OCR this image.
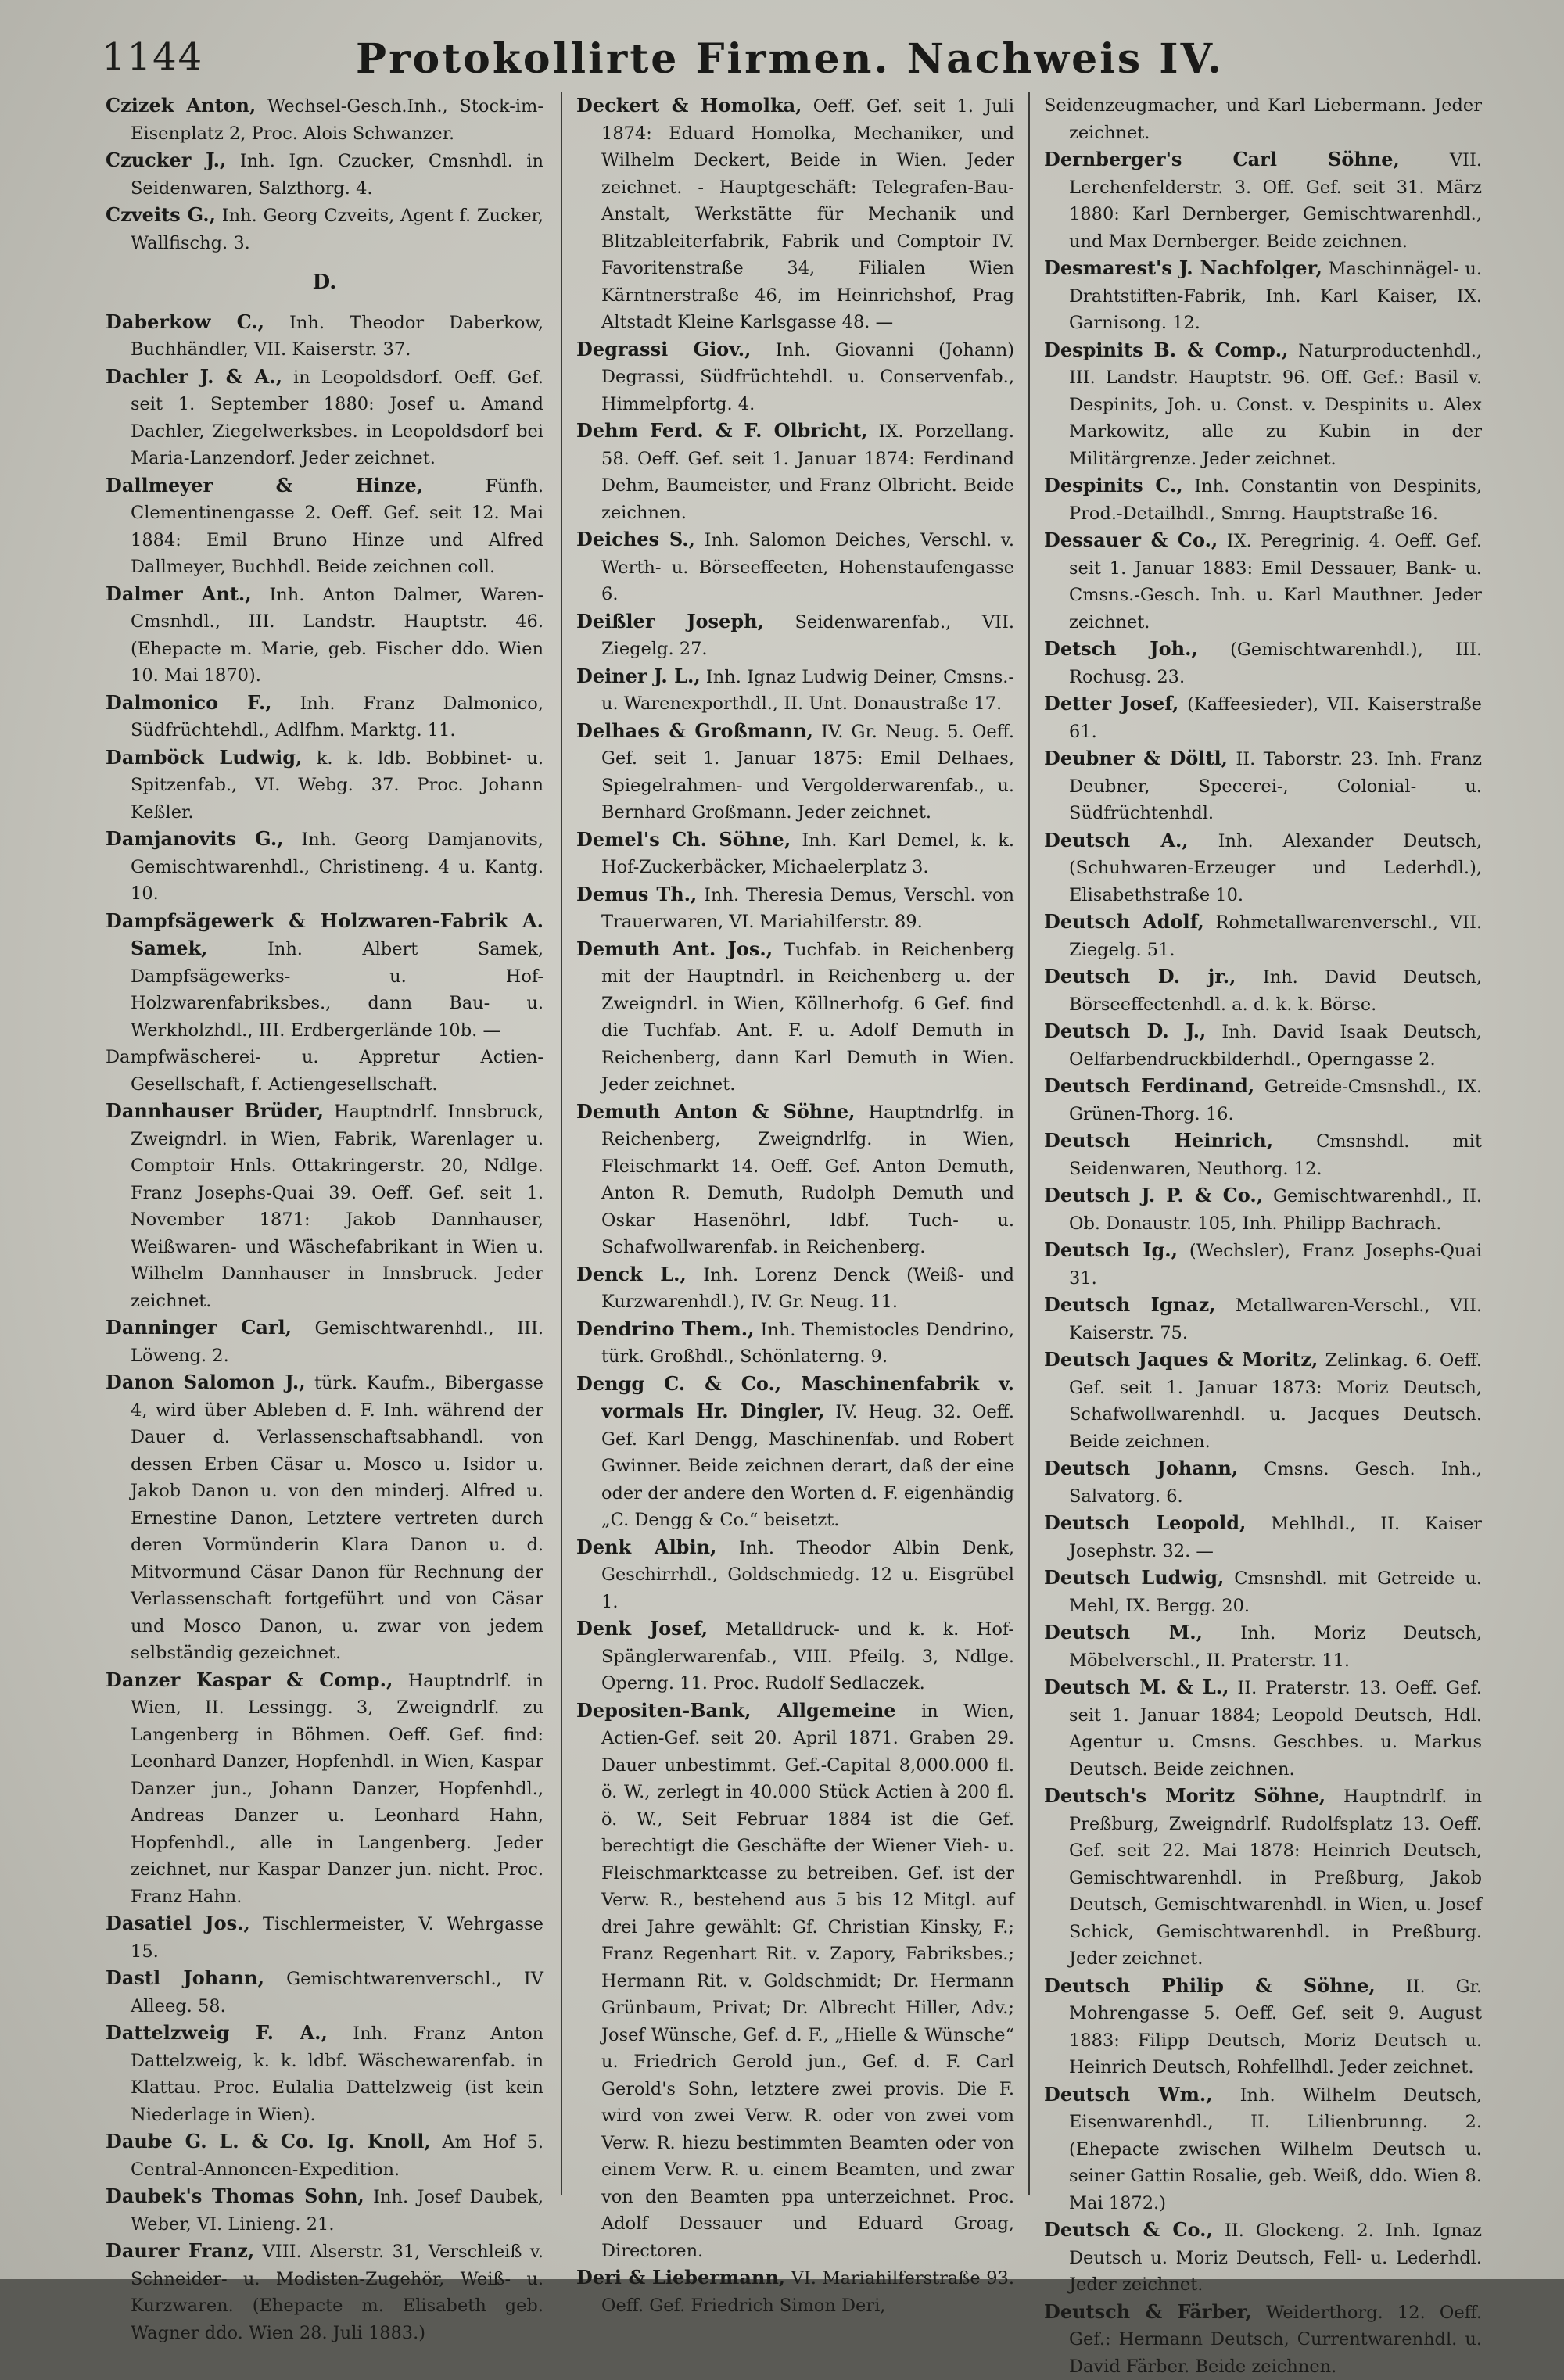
1144	Protokollirte Firmen. Nachweis IV.

Czizek Anton, Wechsel-Gesch.Inh., Stock-im-Eisenplatz 2, Proc. Alois Schwanzer.

Czucker J., Inh. Ign. Czucker, Cmsnhdl. in Seidenwaren, Salzthorg. 4.

Czveits G., Inh. Georg Czveits, Agent f. Zucker, Wallfischg. 3.

D.

Daberkow C., Inh. Theodor Daberkow, Buchhändler, VII. Kaiserstr. 37.

Dachler J. & A., in Leopoldsdorf. Oeff. Gef. seit 1. September 1880: Josef u. Amand Dachler, Ziegelwerksbes. in Leopoldsdorf bei Maria-Lanzendorf. Jeder zeichnet.

Dallmeyer & Hinze,	Fünfh. Clementinengasse 2. Oeff. Gef. seit 12. Mai 1884: Emil Bruno Hinze und Alfred Dallmeyer, Buchhdl. Beide zeichnen coll.

Dalmer Ant., Inh. Anton Dalmer, Waren-Cmsnhdl., III. Landstr. Hauptstr. 46. (Ehepacte m. Marie, geb. Fischer ddo. Wien 10. Mai 1870).

Dalmonico F., Inh. Franz Dalmonico, Südfrüchtehdl., Adlfhm. Marktg. 11.

Damböck Ludwig, k. k. ldb. Bobbinet- u. Spitzenfab., VI. Webg. 37. Proc. Johann Keßler.

Damjanovits G., Inh. Georg Damjanovits, Gemischtwarenhdl., Christineng. 4 u. Kantg. 10.

Dampfsägewerk & Holzwaren-Fabrik A. Samek,	Inh. Albert Samek, Dampfsägewerks- u. Hof-Holzwarenfabriksbes., dann Bau- u. Werkholzhdl., III. Erdbergerlände 10b. —

Dampfwäscherei- u. Appretur Actien-Gesellschaft, f. Actiengesellschaft.

Dannhauser Brüder, Hauptndrlf. Innsbruck, Zweigndrl. in Wien, Fabrik, Warenlager u. Comptoir Hnls. Ottakringerstr. 20, Ndlge. Franz Josephs-Quai 39. Oeff. Gef. seit 1. November 1871: Jakob Dannhauser, Weißwaren- und Wäschefabrikant in Wien u. Wilhelm Dannhauser in Innsbruck. Jeder zeichnet.

Danninger Carl, Gemischtwarenhdl., III. Löweng. 2.

Danon Salomon J., türk. Kaufm., Bibergasse 4, wird über Ableben d. F. Inh. während der Dauer d. Verlassenschaftsabhandl. von dessen Erben Cäsar u. Mosco u. Isidor u. Jakob Danon u. von den minderj. Alfred u. Ernestine Danon, Letztere vertreten durch deren Vormünderin Klara Danon u. d. Mitvormund Cäsar Danon für Rechnung der Verlassenschaft fortgeführt und von Cäsar und Mosco Danon, u. zwar von jedem selbständig gezeichnet.

Danzer Kaspar & Comp., Hauptndrlf. in Wien, II. Lessingg. 3, Zweigndrlf. zu Langenberg in Böhmen. Oeff. Gef. find: Leonhard Danzer, Hopfenhdl. in Wien, Kaspar Danzer jun., Johann Danzer, Hopfenhdl., Andreas Danzer u. Leonhard Hahn, Hopfenhdl., alle in Langenberg. Jeder zeichnet, nur Kaspar Danzer jun. nicht. Proc. Franz Hahn.

Dasatiel Jos., Tischlermeister, V. Wehrgasse 15.

Dastl Johann, Gemischtwarenverschl., IV Alleeg. 58.

Dattelzweig F. A., Inh. Franz Anton Dattelzweig, k. k. ldbf. Wäschewarenfab. in Klattau. Proc. Eulalia Dattelzweig (ist kein Niederlage in Wien).

Daube G. L. & Co. Ig. Knoll, Am Hof 5. Central-Annoncen-Expedition.

Daubek's Thomas Sohn, Inh. Josef Daubek, Weber, VI. Linieng. 21.

Daurer Franz, VIII. Alserstr. 31, Verschleiß v. Schneider- u. Modisten-Zugehör, Weiß- u. Kurzwaren. (Ehepacte m. Elisabeth geb. Wagner ddo. Wien 28. Juli 1883.)

Deckert & Homolka, Oeff. Gef. seit 1. Juli 1874: Eduard Homolka, Mechaniker, und Wilhelm Deckert, Beide in Wien. Jeder zeichnet. - Hauptgeschäft: Telegrafen-Bau-Anstalt, Werkstätte für Mechanik und Blitzableiterfabrik, Fabrik und Comptoir IV. Favoritenstraße 34, Filialen Wien Kärntnerstraße 46, im Heinrichshof, Prag Altstadt Kleine Karlsgasse 48. —

Degrassi Giov., Inh. Giovanni (Johann) Degrassi, Südfrüchtehdl. u. Conservenfab., Himmelpfortg. 4.

Dehm Ferd. & F. Olbricht, IX. Porzellang. 58. Oeff. Gef. seit 1. Januar 1874: Ferdinand Dehm, Baumeister, und Franz Olbricht. Beide zeichnen.

Deiches S., Inh. Salomon Deiches, Verschl. v. Werth- u. Börseeffeeten, Hohenstaufengasse 6.

Deißler Joseph, Seidenwarenfab., VII. Ziegelg. 27.

Deiner J. L., Inh. Ignaz Ludwig Deiner, Cmsns.- u. Warenexporthdl., II. Unt. Donaustraße 17.

Delhaes & Großmann, IV. Gr. Neug. 5. Oeff. Gef. seit 1. Januar 1875: Emil Delhaes, Spiegelrahmen- und Vergolderwarenfab., u. Bernhard Großmann. Jeder zeichnet.

Demel's Ch. Söhne, Inh. Karl Demel, k. k. Hof-Zuckerbäcker, Michaelerplatz 3.

Demus Th., Inh. Theresia Demus, Verschl. von Trauerwaren, VI. Mariahilferstr. 89.

Demuth Ant. Jos., Tuchfab. in Reichenberg mit der Hauptndrl. in Reichenberg u. der Zweigndrl. in Wien, Köllnerhofg. 6 Gef. find die Tuchfab. Ant. F. u. Adolf Demuth in Reichenberg, dann Karl Demuth in Wien. Jeder zeichnet.

Demuth Anton & Söhne, Hauptndrlfg. in Reichenberg, Zweigndrlfg. in Wien, Fleischmarkt 14. Oeff. Gef. Anton Demuth, Anton R. Demuth, Rudolph Demuth und Oskar Hasenöhrl, ldbf. Tuch- u. Schafwollwarenfab. in Reichenberg.

Denck L., Inh. Lorenz Denck (Weiß- und Kurzwarenhdl.), IV. Gr. Neug. 11.

Dendrino Them., Inh. Themistocles Dendrino, türk. Großhdl., Schönlaterng. 9.

Dengg C. & Co., Maschinenfabrik v. vormals Hr. Dingler, IV. Heug. 32. Oeff. Gef. Karl Dengg, Maschinenfab. und Robert Gwinner. Beide zeichnen derart, daß der eine oder der andere den Worten d. F. eigenhändig „C. Dengg & Co.“ beisetzt.

Denk Albin, Inh. Theodor Albin Denk, Geschirrhdl., Goldschmiedg. 12 u. Eisgrübel 1.

Denk Josef, Metalldruck- und k. k. Hof-Spänglerwarenfab., VIII. Pfeilg. 3, Ndlge. Operng. 11. Proc. Rudolf Sedlaczek.

Depositen-Bank, Allgemeine in Wien, Actien-Gef. seit 20. April 1871. Graben 29. Dauer unbestimmt. Gef.-Capital 8,000.000 fl. ö. W., zerlegt in 40.000 Stück Actien à 200 fl. ö. W., Seit Februar 1884 ist die Gef. berechtigt die Geschäfte der Wiener Vieh- u. Fleischmarktcasse zu betreiben. Gef. ist der Verw. R., bestehend aus 5 bis 12 Mitgl. auf drei Jahre gewählt: Gf. Christian Kinsky, F.; Franz Regenhart Rit. v. Zapory, Fabriksbes.; Hermann Rit. v. Goldschmidt; Dr. Hermann Grünbaum, Privat; Dr. Albrecht Hiller, Adv.; Josef Wünsche, Gef. d. F., „Hielle & Wünsche“ u. Friedrich Gerold jun., Gef. d. F. Carl Gerold's Sohn, letztere zwei provis. Die F. wird von zwei Verw. R. oder von zwei vom Verw. R. hiezu bestimmten Beamten oder von einem Verw. R. u. einem Beamten, und zwar von den Beamten ppa unterzeichnet. Proc. Adolf Dessauer und Eduard Groag, Directoren.

Deri & Liebermann, VI. Mariahilferstraße 93. Oeff. Gef. Friedrich Simon Deri,

Seidenzeugmacher, und Karl Liebermann. Jeder zeichnet.

Dernberger's Carl Söhne,	VII. Lerchenfelderstr. 3. Off. Gef. seit 31. März 1880: Karl Dernberger, Gemischtwarenhdl., und Max Dernberger. Beide zeichnen.

Desmarest's J. Nachfolger, Maschinnägel- u. Drahtstiften-Fabrik, Inh. Karl Kaiser, IX. Garnisong. 12.

Despinits B. & Comp., Naturproductenhdl., III. Landstr. Hauptstr. 96. Off. Gef.: Basil v. Despinits, Joh. u. Const. v. Despinits u. Alex Markowitz, alle zu Kubin in der Militärgrenze. Jeder zeichnet.

Despinits C., Inh. Constantin von Despinits, Prod.-Detailhdl., Smrng. Hauptstraße 16.

Dessauer & Co., IX. Peregrinig. 4. Oeff. Gef. seit 1. Januar 1883: Emil Dessauer, Bank- u. Cmsns.-Gesch. Inh. u. Karl Mauthner. Jeder zeichnet.

Detsch Joh., (Gemischtwarenhdl.), III. Rochusg. 23.

Detter Josef, (Kaffeesieder), VII. Kaiserstraße 61.

Deubner & Döltl, II. Taborstr. 23. Inh. Franz Deubner, Specerei-, Colonial- u. Südfrüchtenhdl.

Deutsch A., Inh. Alexander Deutsch, (Schuhwaren-Erzeuger und Lederhdl.), Elisabethstraße 10.

Deutsch Adolf, Rohmetallwarenverschl., VII. Ziegelg. 51.

Deutsch D. jr., Inh. David Deutsch, Börseeffectenhdl. a. d. k. k. Börse.

Deutsch D. J., Inh. David Isaak Deutsch, Oelfarbendruckbilderhdl., Operngasse 2.

Deutsch Ferdinand, Getreide-Cmsnshdl., IX. Grünen-Thorg. 16.

Deutsch Heinrich, Cmsnshdl. mit Seidenwaren, Neuthorg. 12.

Deutsch J. P. & Co., Gemischtwarenhdl., II. Ob. Donaustr. 105, Inh. Philipp Bachrach.

Deutsch Ig., (Wechsler), Franz Josephs-Quai 31.

Deutsch Ignaz, Metallwaren-Verschl., VII. Kaiserstr. 75.

Deutsch Jaques & Moritz, Zelinkag. 6. Oeff. Gef. seit 1. Januar 1873: Moriz Deutsch, Schafwollwarenhdl. u. Jacques Deutsch. Beide zeichnen.

Deutsch Johann, Cmsns. Gesch. Inh., Salvatorg. 6.

Deutsch Leopold, Mehlhdl., II. Kaiser Josephstr. 32. —

Deutsch Ludwig, Cmsnshdl. mit Getreide u. Mehl, IX. Bergg. 20.

Deutsch M., Inh. Moriz Deutsch, Möbelverschl., II. Praterstr. 11.

Deutsch M. & L., II. Praterstr. 13. Oeff. Gef. seit 1. Januar 1884; Leopold Deutsch, Hdl. Agentur u. Cmsns. Geschbes. u. Markus Deutsch. Beide zeichnen.

Deutsch's Moritz Söhne, Hauptndrlf. in Preßburg, Zweigndrlf. Rudolfsplatz 13. Oeff. Gef. seit 22. Mai 1878: Heinrich Deutsch, Gemischtwarenhdl. in Preßburg, Jakob Deutsch, Gemischtwarenhdl. in Wien, u. Josef Schick, Gemischtwarenhdl. in Preßburg. Jeder zeichnet.

Deutsch Philip & Söhne, II. Gr. Mohrengasse 5. Oeff. Gef. seit 9. August 1883: Filipp Deutsch, Moriz Deutsch u. Heinrich Deutsch, Rohfellhdl. Jeder zeichnet.

Deutsch Wm., Inh. Wilhelm Deutsch, Eisenwarenhdl., II. Lilienbrunng. 2. (Ehepacte zwischen Wilhelm Deutsch u. seiner Gattin Rosalie, geb. Weiß, ddo. Wien 8. Mai 1872.)

Deutsch & Co., II. Glockeng. 2. Inh. Ignaz Deutsch u. Moriz Deutsch, Fell- u. Lederhdl. Jeder zeichnet.

Deutsch & Färber, Weiderthorg. 12. Oeff. Gef.: Hermann Deutsch, Currentwarenhdl. u. David Färber. Beide zeichnen.
